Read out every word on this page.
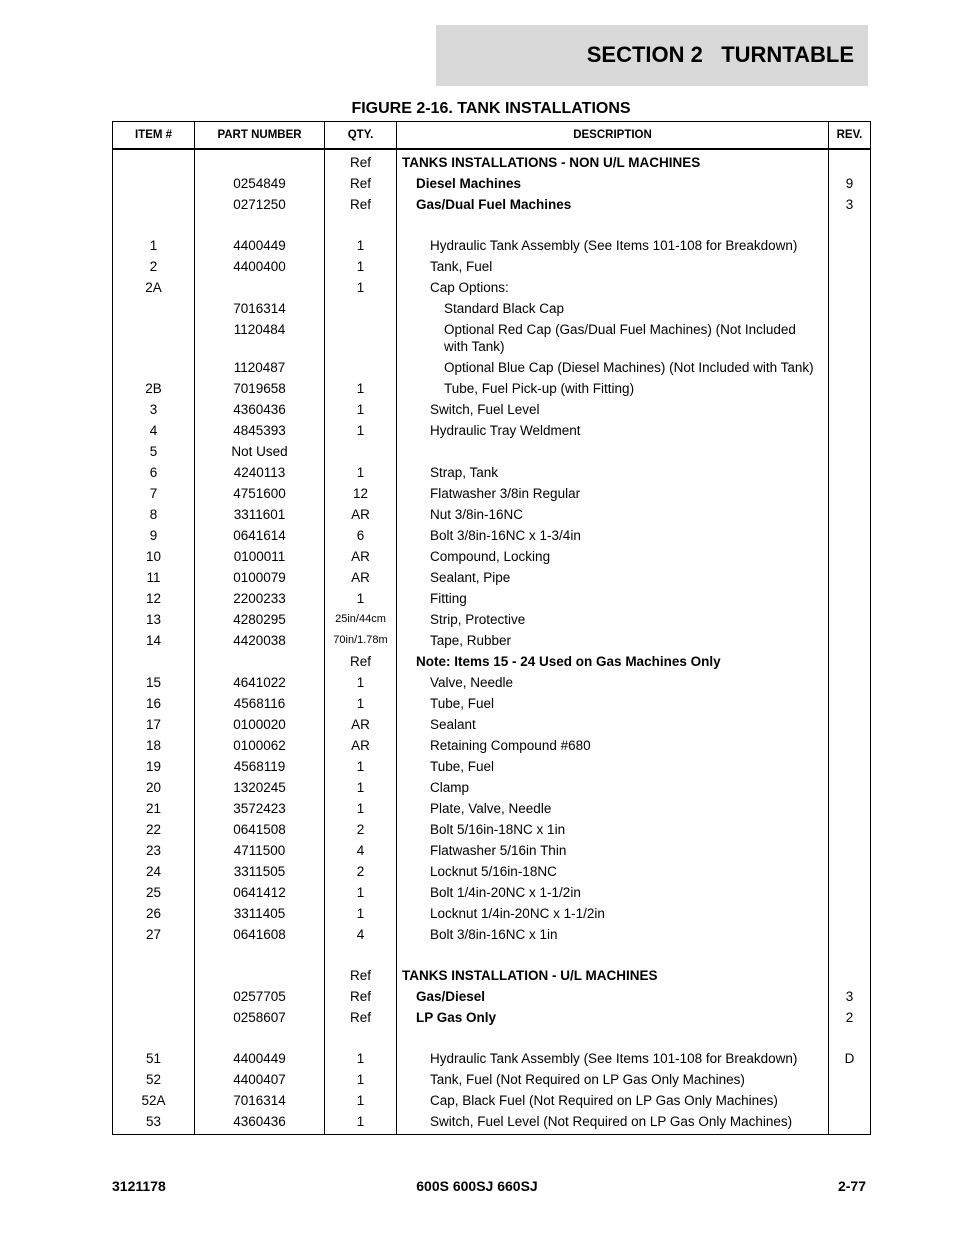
SECTION 2   TURNTABLE
FIGURE 2-16. TANK INSTALLATIONS
ITEM #	PART NUMBER	QTY.	DESCRIPTION	REV.
		Ref	TANKS INSTALLATIONS - NON U/L MACHINES	
	0254849	Ref	Diesel Machines	9
	0271250	Ref	Gas/Dual Fuel Machines	3

1	4400449	1	Hydraulic Tank Assembly (See Items 101-108 for Breakdown)	
2	4400400	1	Tank, Fuel	
2A		1	Cap Options:	
	7016314		Standard Black Cap	
	1120484		Optional Red Cap (Gas/Dual Fuel Machines) (Not Included with Tank)	
	1120487		Optional Blue Cap (Diesel Machines) (Not Included with Tank)	
2B	7019658	1	Tube, Fuel Pick-up (with Fitting)	
3	4360436	1	Switch, Fuel Level	
4	4845393	1	Hydraulic Tray Weldment	
5	Not Used			
6	4240113	1	Strap, Tank	
7	4751600	12	Flatwasher 3/8in Regular	
8	3311601	AR	Nut 3/8in-16NC	
9	0641614	6	Bolt 3/8in-16NC x 1-3/4in	
10	0100011	AR	Compound, Locking	
11	0100079	AR	Sealant, Pipe	
12	2200233	1	Fitting	
13	4280295	25in/44cm	Strip, Protective	
14	4420038	70in/1.78m	Tape, Rubber	
		Ref	Note: Items 15 - 24 Used on Gas Machines Only	
15	4641022	1	Valve, Needle	
16	4568116	1	Tube, Fuel	
17	0100020	AR	Sealant	
18	0100062	AR	Retaining Compound #680	
19	4568119	1	Tube, Fuel	
20	1320245	1	Clamp	
21	3572423	1	Plate, Valve, Needle	
22	0641508	2	Bolt 5/16in-18NC x 1in	
23	4711500	4	Flatwasher 5/16in Thin	
24	3311505	2	Locknut 5/16in-18NC	
25	0641412	1	Bolt 1/4in-20NC x 1-1/2in	
26	3311405	1	Locknut 1/4in-20NC x 1-1/2in	
27	0641608	4	Bolt 3/8in-16NC x 1in	

		Ref	TANKS INSTALLATION - U/L MACHINES	
	0257705	Ref	Gas/Diesel	3
	0258607	Ref	LP Gas Only	2

51	4400449	1	Hydraulic Tank Assembly (See Items 101-108 for Breakdown)	D
52	4400407	1	Tank, Fuel (Not Required on LP Gas Only Machines)	
52A	7016314	1	Cap, Black Fuel (Not Required on LP Gas Only Machines)	
53	4360436	1	Switch, Fuel Level (Not Required on LP Gas Only Machines)	
3121178	600S 600SJ 660SJ	2-77
